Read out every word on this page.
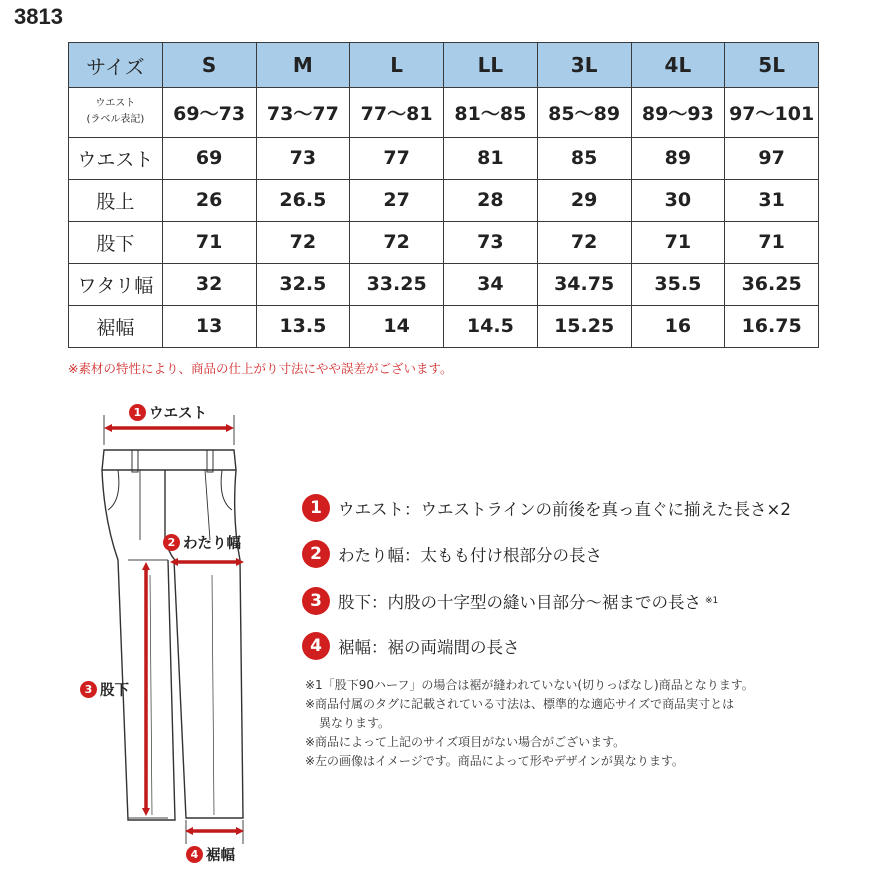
3813
サイズ	S	M	L	LL	3L	4L	5L

ウエスト
(ラベル表記)	69〜73	73〜77	77〜81	81〜85	85〜89	89〜93	97〜101
ウエスト	69	73	77	81	85	89	97
股上	26	26.5	27	28	29	30	31
股下	71	72	72	73	72	71	71
ワタリ幅	32	32.5	33.25	34	34.75	35.5	36.25
裾幅	13	13.5	14	14.5	15.25	16	16.75
※素材の特性により、商品の仕上がり寸法にやや誤差がございます。
1 ウエスト
2 わたり幅
3 股下
4 裾幅
1 ウエスト：ウエストラインの前後を真っ直ぐに揃えた長さ×2
2 わたり幅：太もも付け根部分の長さ
3 股下：内股の十字型の縫い目部分〜裾までの長さ ※1
4 裾幅：裾の両端間の長さ
※1「股下90ハーフ」の場合は裾が縫われていない(切りっぱなし)商品となります。
※商品付属のタグに記載されている寸法は、標準的な適応サイズで商品実寸とは
異なります。
※商品によって上記のサイズ項目がない場合がございます。
※左の画像はイメージです。商品によって形やデザインが異なります。
